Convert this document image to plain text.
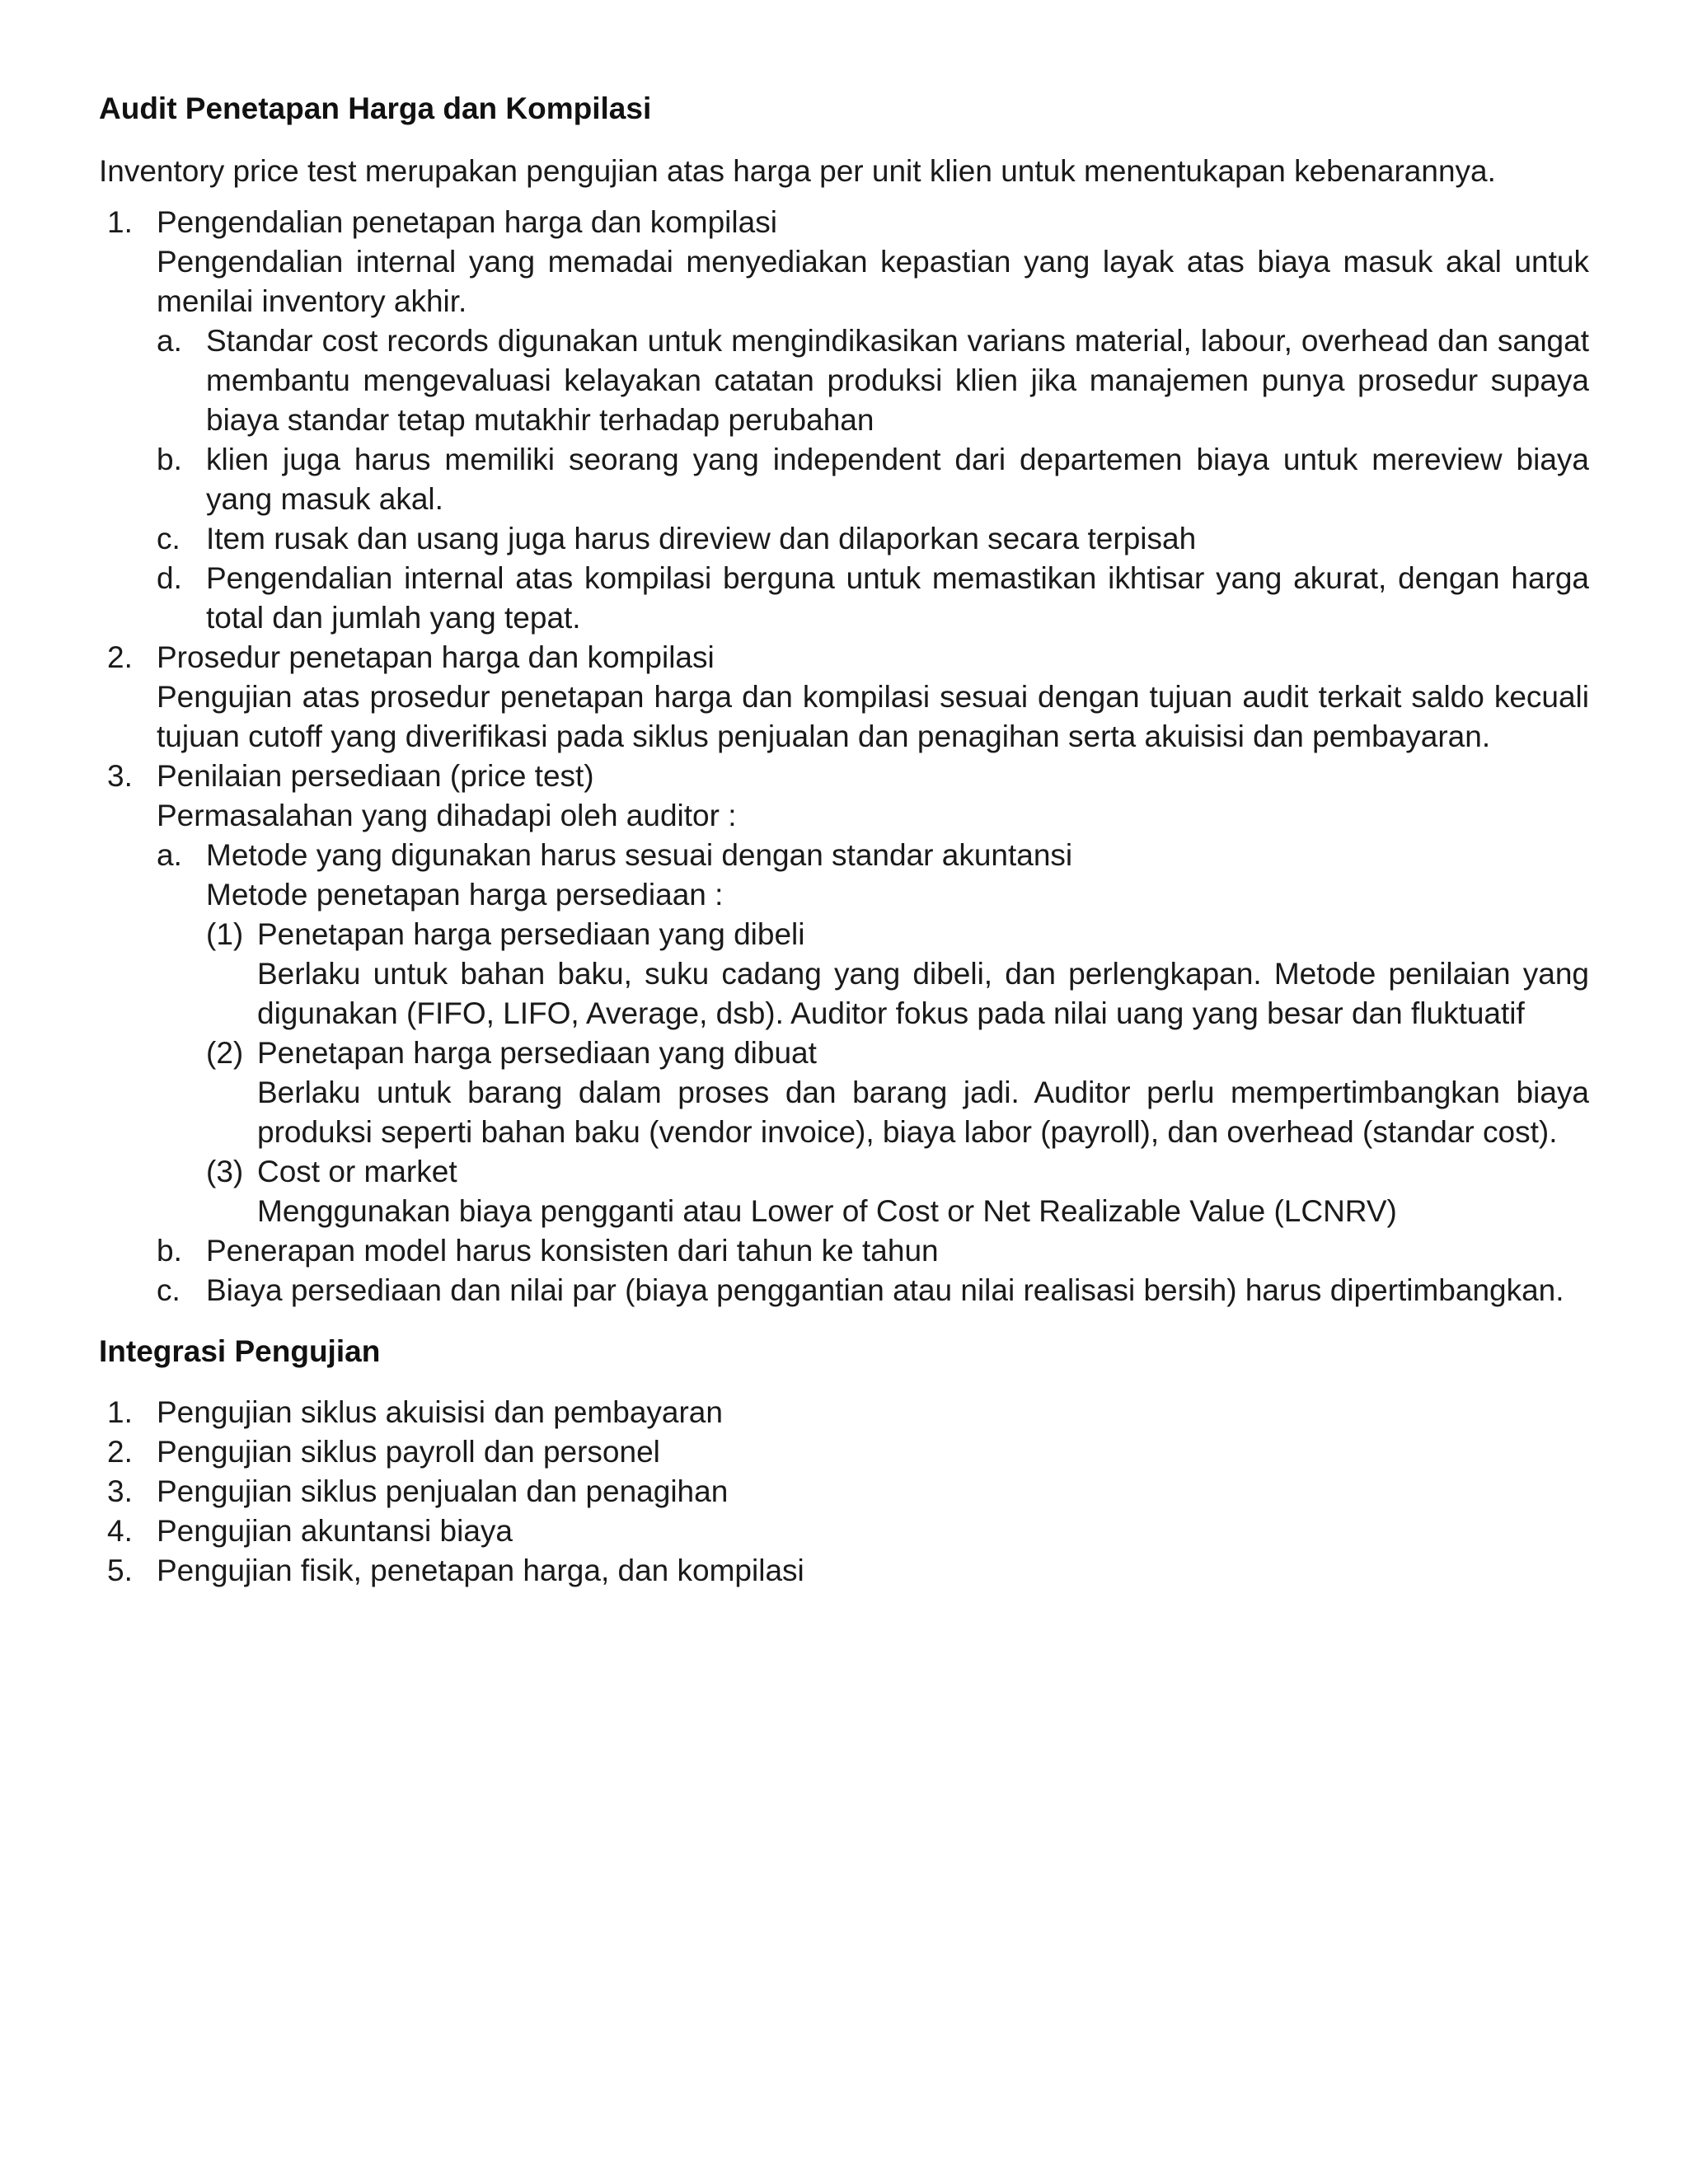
Audit Penetapan Harga dan Kompilasi
Inventory price test merupakan pengujian atas harga per unit klien untuk menentukapan kebenarannya.
1. Pengendalian penetapan harga dan kompilasi
Pengendalian internal yang memadai menyediakan kepastian yang layak atas biaya masuk akal untuk menilai inventory akhir.
a. Standar cost records digunakan untuk mengindikasikan varians material, labour, overhead dan sangat membantu mengevaluasi kelayakan catatan produksi klien jika manajemen punya prosedur supaya biaya standar tetap mutakhir terhadap perubahan
b. klien juga harus memiliki seorang yang independent dari departemen biaya untuk mereview biaya yang masuk akal.
c. Item rusak dan usang juga harus direview dan dilaporkan secara terpisah
d. Pengendalian internal atas kompilasi berguna untuk memastikan ikhtisar yang akurat, dengan harga total dan jumlah yang tepat.
2. Prosedur penetapan harga dan kompilasi
Pengujian atas prosedur penetapan harga dan kompilasi sesuai dengan tujuan audit terkait saldo kecuali tujuan cutoff yang diverifikasi pada siklus penjualan dan penagihan serta akuisisi dan pembayaran.
3. Penilaian persediaan (price test)
Permasalahan yang dihadapi oleh auditor :
a. Metode yang digunakan harus sesuai dengan standar akuntansi
Metode penetapan harga persediaan :
(1) Penetapan harga persediaan yang dibeli
Berlaku untuk bahan baku, suku cadang yang dibeli, dan perlengkapan. Metode penilaian yang digunakan (FIFO, LIFO, Average, dsb). Auditor fokus pada nilai uang yang besar dan fluktuatif
(2) Penetapan harga persediaan yang dibuat
Berlaku untuk barang dalam proses dan barang jadi. Auditor perlu mempertimbangkan biaya produksi seperti bahan baku (vendor invoice), biaya labor (payroll), dan overhead (standar cost).
(3) Cost or market
Menggunakan biaya pengganti atau Lower of Cost or Net Realizable Value (LCNRV)
b. Penerapan model harus konsisten dari tahun ke tahun
c. Biaya persediaan dan nilai par (biaya penggantian atau nilai realisasi bersih) harus dipertimbangkan.
Integrasi Pengujian
1. Pengujian siklus akuisisi dan pembayaran
2. Pengujian siklus payroll dan personel
3. Pengujian siklus penjualan dan penagihan
4. Pengujian akuntansi biaya
5. Pengujian fisik, penetapan harga, dan kompilasi
